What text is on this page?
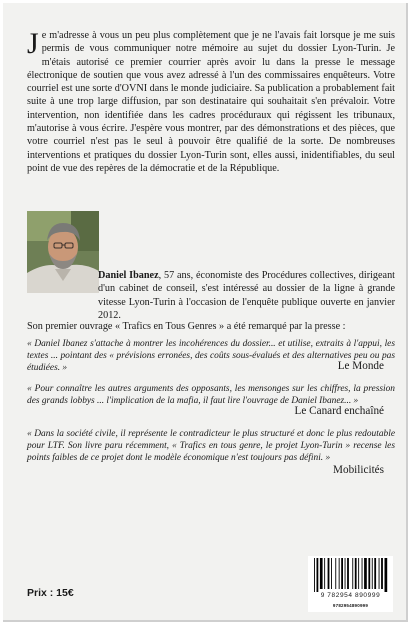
Je m'adresse à vous un peu plus complètement que je ne l'avais fait lorsque je me suis permis de vous communiquer notre mémoire au sujet du dossier Lyon-Turin. Je m'étais autorisé ce premier courrier après avoir lu dans la presse le message électronique de soutien que vous avez adressé à l'un des commissaires enquêteurs. Votre courriel est une sorte d'OVNI dans le monde judiciaire. Sa publication a probablement fait suite à une trop large diffusion, par son destinataire qui souhaitait s'en prévaloir. Votre intervention, non identifiée dans les cadres procéduraux qui régissent les tribunaux, m'autorise à vous écrire. J'espère vous montrer, par des démonstrations et des pièces, que votre courriel n'est pas le seul à pouvoir être qualifié de la sorte. De nombreuses interventions et pratiques du dossier Lyon-Turin sont, elles aussi, inidentifiables, du seul point de vue des repères de la démocratie et de la République.

Daniel Ibanez, 57 ans, économiste des Procédures collectives, dirigeant d'un cabinet de conseil, s'est intéressé au dossier de la ligne à grande vitesse Lyon-Turin à l'occasion de l'enquête publique ouverte en janvier 2012.

Son premier ouvrage « Trafics en Tous Genres » a été remarqué par la presse :

« Daniel Ibanez s'attache à montrer les incohérences du dossier... et utilise, extraits à l'appui, les textes ... pointant des « prévisions erronées, des coûts sous-évalués et des alternatives peu ou pas étudiées. »	Le Monde

« Pour connaître les autres arguments des opposants, les mensonges sur les chiffres, la pression des grands lobbys ... l'implication de la mafia, il faut lire l'ouvrage de Daniel Ibanez... »

Le Canard enchaîné

« Dans la société civile, il représente le contradicteur le plus structuré et donc le plus redoutable pour LTF. Son livre paru récemment, « Trafics en tous genre, le projet Lyon-Turin » recense les points faibles de ce projet dont le modèle économique n'est toujours pas défini. »

Mobilicités
Prix : 15€	9 782954 890999
9782954890999
